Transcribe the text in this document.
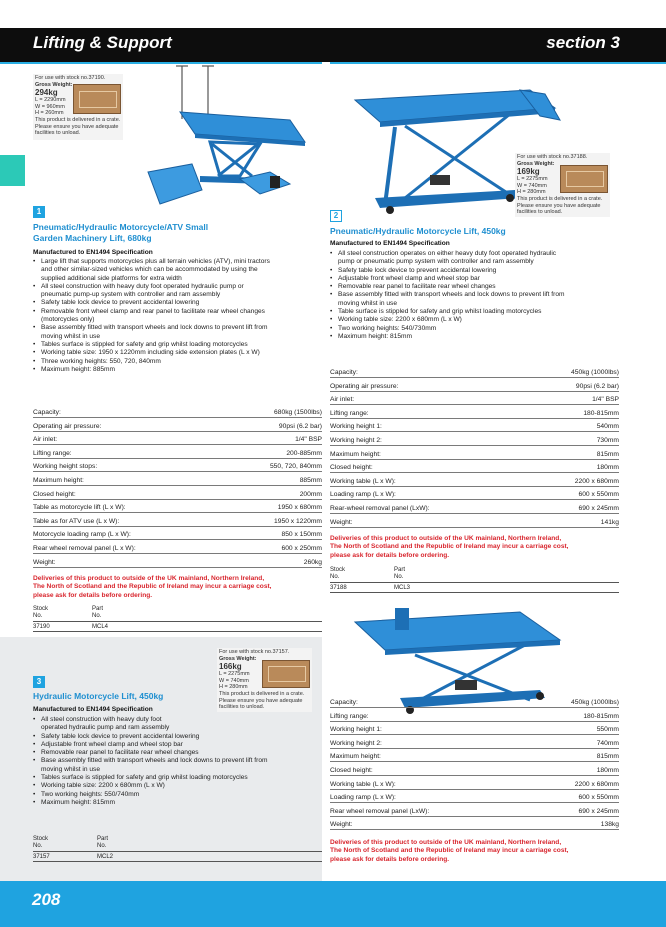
Lifting & Support	section 3
For use with stock no.37190.
Gross Weight:
294kg
L = 2290mm
W = 960mm
H = 260mm
This product is delivered in a crate.
Please ensure you have adequate
facilities to unload.
1
Pneumatic/Hydraulic Motorcycle/ATV Small
Garden Machinery Lift, 680kg
Manufactured to EN1494 Specification
• Large lift that supports motorcycles plus all terrain vehicles (ATV), mini tractors
and other similar-sized vehicles which can be accommodated by using the
supplied additional side platforms for extra width
• All steel construction with heavy duty foot operated hydraulic pump or
pneumatic pump-up system with controller and ram assembly
• Safety table lock device to prevent accidental lowering
• Removable front wheel clamp and rear panel to facilitate rear wheel changes
(motorcycles only)
• Base assembly fitted with transport wheels and lock downs to prevent lift from
moving whilst in use
• Tables surface is stippled for safety and grip whilst loading motorcycles
• Working table size: 1950 x 1220mm including side extension plates (L x W)
• Three working heights: 550, 720, 840mm
• Maximum height: 885mm
Capacity:	680kg (1500lbs)
Operating air pressure:	90psi (6.2 bar)
Air inlet:	1/4" BSP
Lifting range:	200-885mm
Working height stops:	550, 720, 840mm
Maximum height:	885mm
Closed height:	200mm
Table as motorcycle lift (L x W):	1950 x 680mm
Table as for ATV use (L x W):	1950 x 1220mm
Motorcycle loading ramp (L x W):	850 x 150mm
Rear wheel removal panel (L x W):	600 x 250mm
Weight:	260kg
Deliveries of this product to outside of the UK mainland, Northern Ireland,
The North of Scotland and the Republic of Ireland may incur a carriage cost,
please ask for details before ordering.
Stock
No.
Part
No.
37190	MCL4
For use with stock no.37188.
Gross Weight:
169kg
L = 2275mm
W = 740mm
H = 280mm
This product is delivered in a crate.
Please ensure you have adequate
facilities to unload.
2
Pneumatic/Hydraulic Motorcycle Lift, 450kg
Manufactured to EN1494 Specification
• All steel construction operates on either heavy duty foot operated hydraulic
pump or pneumatic pump system with controller and ram assembly
• Safety table lock device to prevent accidental lowering
• Adjustable front wheel clamp and wheel stop bar
• Removable rear panel to facilitate rear wheel changes
• Base assembly fitted with transport wheels and lock downs to prevent lift from
moving whilst in use
• Table surface is stippled for safety and grip whilst loading motorcycles
• Working table size: 2200 x 680mm (L x W)
• Two working heights: 540/730mm
• Maximum height: 815mm
Capacity:	450kg (1000lbs)
Operating air pressure:	90psi (6.2 bar)
Air inlet:	1/4" BSP
Lifting range:	180-815mm
Working height 1:	540mm
Working height 2:	730mm
Maximum height:	815mm
Closed height:	180mm
Working table (L x W):	2200 x 680mm
Loading ramp (L x W):	600 x 550mm
Rear-wheel removal panel (LxW):	690 x 245mm
Weight:	141kg
Deliveries of this product to outside of the UK mainland, Northern Ireland,
The North of Scotland and the Republic of Ireland may incur a carriage cost,
please ask for details before ordering.
Stock
No.
Part
No.
37188	MCL3
For use with stock no.37157.
Gross Weight:
166kg
L = 2275mm
W = 740mm
H = 280mm
This product is delivered in a crate.
Please ensure you have adequate
facilities to unload.
3
Hydraulic Motorcycle Lift, 450kg
Manufactured to EN1494 Specification
• All steel construction with heavy duty foot
operated hydraulic pump and ram assembly
• Safety table lock device to prevent accidental lowering
• Adjustable front wheel clamp and wheel stop bar
• Removable rear panel to facilitate rear wheel changes
• Base assembly fitted with transport wheels and lock downs to prevent lift from
moving whilst in use
• Tables surface is stippled for safety and grip whilst loading motorcycles
• Working table size: 2200 x 680mm (L x W)
• Two working heights: 550/740mm
• Maximum height: 815mm
Stock
No.
Part
No.
37157	MCL2
Capacity:	450kg (1000lbs)
Lifting range:	180-815mm
Working height 1:	550mm
Working height 2:	740mm
Maximum height:	815mm
Closed height:	180mm
Working table (L x W):	2200 x 680mm
Loading ramp (L x W):	600 x 550mm
Rear wheel removal panel (LxW):	690 x 245mm
Weight:	138kg
Deliveries of this product to outside of the UK mainland, Northern Ireland,
The North of Scotland and the Republic of Ireland may incur a carriage cost,
please ask for details before ordering.
208
